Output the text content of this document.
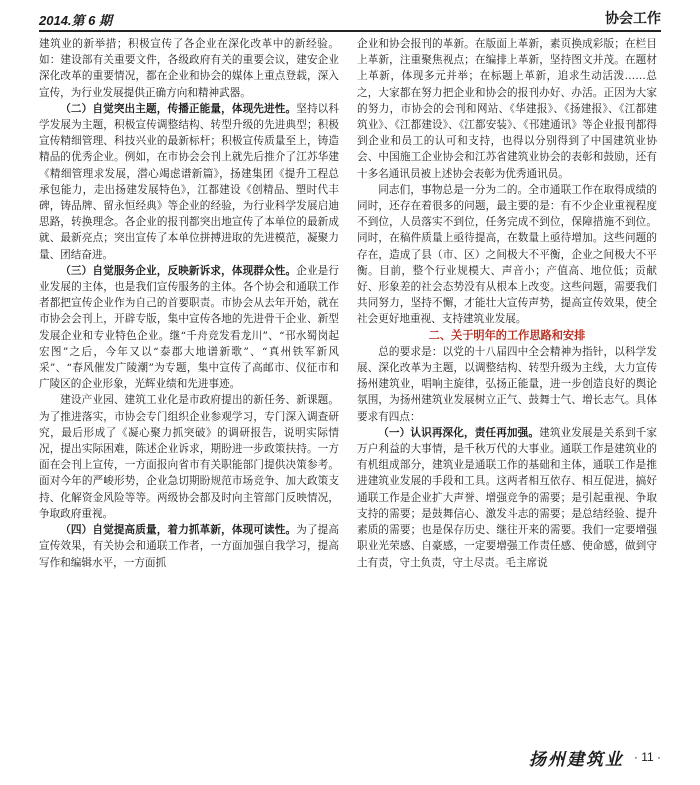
2014.第 6 期	协会工作

建筑业的新举措；积极宣传了各企业在深化改革中的新经验。如：建设部有关重要文件，各级政府有关的重要会议，建安企业深化改革的重要情况，都在企业和协会的媒体上重点登载，深入宣传，为行业发展提供正确方向和精神武器。

（二）自觉突出主题，传播正能量，体现先进性。坚持以科学发展为主题，积极宣传调整结构、转型升级的先进典型；积极宣传精细管理、科技兴业的最新标杆；积极宣传质量至上，铸造精品的优秀企业。例如，在市协会会刊上就先后推介了江苏华建《精细管理求发展，潜心竭虑谱新篇》，扬建集团《提升工程总承包能力，走出扬建发展特色》，江都建设《创精品、塑时代丰碑，铸品牌、留永恒经典》等企业的经验，为行业科学发展启迪思路，转换理念。各企业的报刊都突出地宣传了本单位的最新成就、最新亮点；突出宣传了本单位拼搏进取的先进模范，凝聚力量、团结奋进。

（三）自觉服务企业，反映新诉求，体现群众性。企业是行业发展的主体，也是我们宣传服务的主体。各个协会和通联工作者都把宣传企业作为自己的首要职责。市协会从去年开始，就在市协会会刊上，开辟专版，集中宣传各地的先进骨干企业、新型发展企业和专业特色企业。继“千舟竞发看龙川”、“邗水蜀岗起宏图”之后，今年又以“泰郡大地谱新歌”、“真州铁军新风采”、“春风催发广陵潮”为专题，集中宣传了高邮市、仪征市和广陵区的企业形象，光辉业绩和先进事迹。

建设产业园、建筑工业化是市政府提出的新任务、新课题。为了推进落实，市协会专门组织企业参观学习，专门深入调查研究，最后形成了《凝心聚力抓突破》的调研报告，说明实际情况，提出实际困难，陈述企业诉求，期盼进一步政策扶持。一方面在会刊上宣传，一方面报向省市有关职能部门提供决策参考。面对今年的严峻形势，企业急切期盼规范市场竞争、加大政策支持、化解资金风险等等。两级协会都及时向主管部门反映情况，争取政府重视。

（四）自觉提高质量，着力抓革新，体现可读性。为了提高宣传效果，有关协会和通联工作者，一方面加强自我学习，提高写作和编辑水平，一方面抓

企业和协会报刊的革新。在版面上革新，素页换成彩版；在栏目上革新，注重聚焦视点；在编排上革新，坚持图文并茂。在题材上革新，体现多元并举；在标题上革新，追求生动活泼……总之，大家都在努力把企业和协会的报刊办好、办活。正因为大家的努力，市协会的会刊和网站、《华建报》、《扬建报》、《江都建筑业》、《江都建设》、《江都安装》、《邗建通讯》等企业报刊都得到企业和员工的认可和支持，也得以分别得到了中国建筑业协会、中国施工企业协会和江苏省建筑业协会的表彰和鼓励，还有十多名通讯员被上述协会表彰为优秀通讯员。

同志们，事物总是一分为二的。全市通联工作在取得成绩的同时，还存在着很多的问题，最主要的是：有不少企业重视程度不到位，人员落实不到位，任务完成不到位，保障措施不到位。同时，在稿件质量上亟待提高，在数量上亟待增加。这些问题的存在，造成了县（市、区）之间极大不平衡，企业之间极大不平衡。目前，整个行业规模大、声音小；产值高、地位低；贡献好、形象差的社会态势没有从根本上改变。这些问题，需要我们共同努力，坚持不懈，才能壮大宣传声势，提高宣传效果，使全社会更好地重视、支持建筑业发展。

二、关于明年的工作思路和安排

总的要求是：以党的十八届四中全会精神为指针，以科学发展、深化改革为主题，以调整结构、转型升级为主线，大力宣传扬州建筑业，唱响主旋律，弘扬正能量，进一步创造良好的舆论氛围，为扬州建筑业发展树立正气、鼓舞士气、增长志气。具体要求有四点：

（一）认识再深化，责任再加强。建筑业发展是关系到千家万户利益的大事情，是千秋万代的大事业。通联工作是建筑业的有机组成部分，建筑业是通联工作的基础和主体，通联工作是推进建筑业发展的手段和工具。这两者相互依存、相互促进，搞好通联工作是企业扩大声誉、增强竞争的需要；是引起重视、争取支持的需要；是鼓舞信心、激发斗志的需要；是总结经验、提升素质的需要；也是保存历史、继往开来的需要。我们一定要增强职业光荣感、自豪感，一定要增强工作责任感、使命感，做到守土有责，守土负责，守土尽责。毛主席说

扬州建筑业 · 11 ·
